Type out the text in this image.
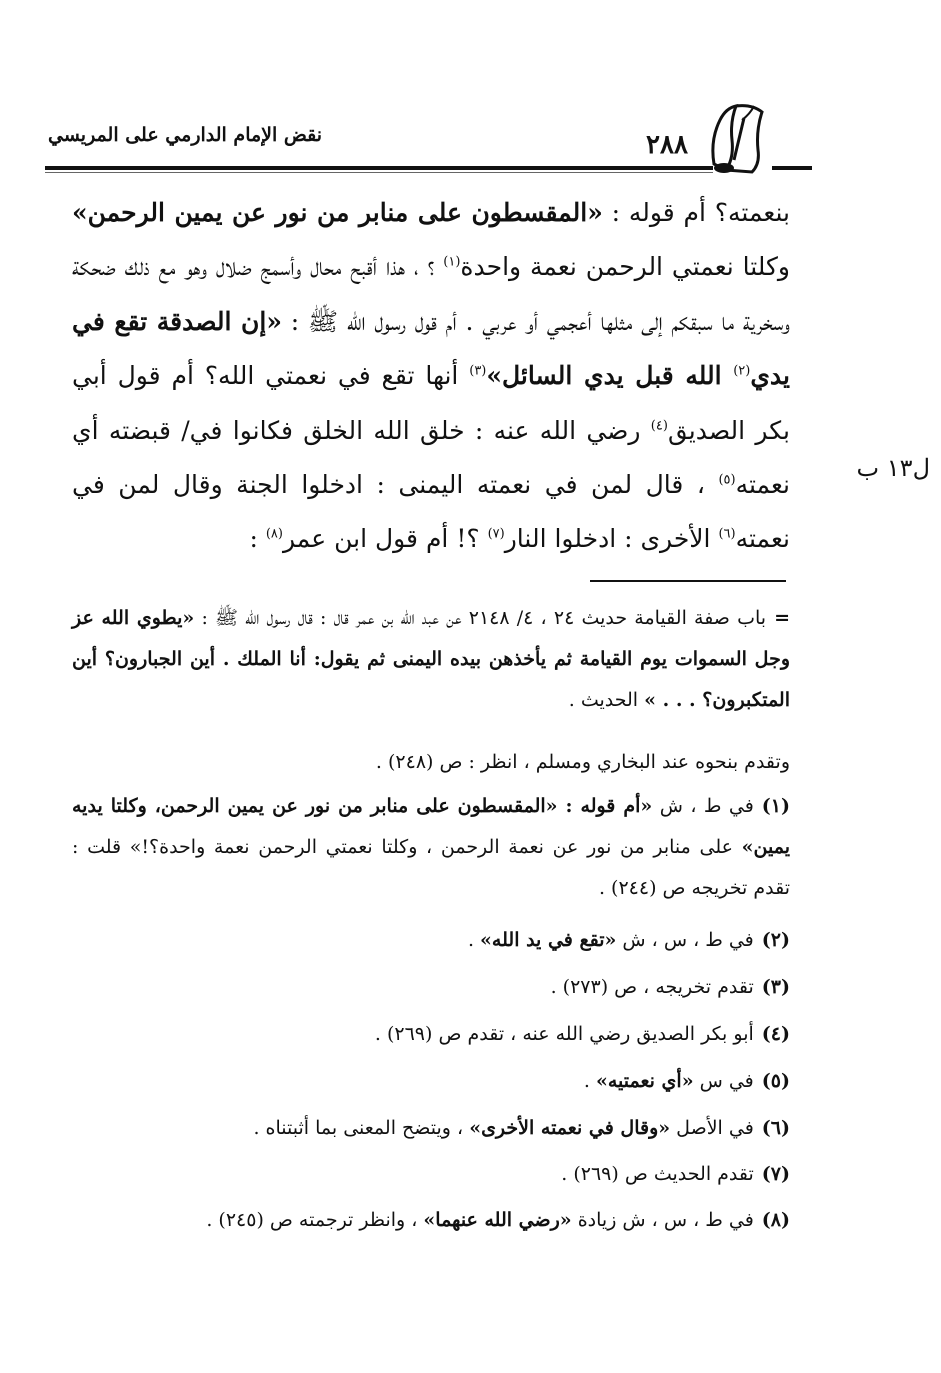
نقض الإمام الدارمي على المريسي	٢٨٨
بنعمته؟ أم قوله : «المقسطون على منابر من نور عن يمين الرحمن» وكلتا نعمتي الرحمن نعمة واحدة$^{(١)}$ ؟ ، هذا أقبح محال وأسمج ضلال وهو مع ذلك ضحكة وسخرية ما سبقكم إلى مثلها أعجمي أو عربي . أم قول رسول الله ﷺ : «إن الصدقة تقع في يدي$^{(٢)}$ الله قبل يدي السائل»$^{(٣)}$ أنها تقع في نعمتي الله؟ أم قول أبي بكر الصديق$^{(٤)}$ رضي الله عنه : خلق الله الخلق فكانوا في/ قبضته أي نعمته$^{(٥)}$ ، قال لمن في نعمته اليمنى : ادخلوا الجنة وقال لمن في نعمته$^{(٦)}$ الأخرى : ادخلوا النار$^{(٧)}$ ؟! أم قول ابن عمر$^{(٨)}$ :
ل١٣ ب
=باب صفة القيامة حديث ٢٤ ، ٤/ ٢١٤٨ عن عبد الله بن عمر قال : قال رسول الله ﷺ : «يطوي الله عز وجل السموات يوم القيامة ثم يأخذهن بيده اليمنى ثم يقول: أنا الملك . أين الجبارون؟ أين المتكبرون؟ . . . » الحديث .
وتقدم بنحوه عند البخاري ومسلم ، انظر : ص (٢٤٨) .
(١)في ط ، ش «أم قوله : «المقسطون على منابر من نور عن يمين الرحمن، وكلتا يديه يمين» على منابر من نور عن نعمة الرحمن ، وكلتا نعمتي الرحمن نعمة واحدة؟!» قلت : تقدم تخريجه ص (٢٤٤) .
(٢)في ط ، س ، ش «تقع في يد الله» .
(٣)تقدم تخريجه ، ص (٢٧٣) .
(٤)أبو بكر الصديق رضي الله عنه ، تقدم ص (٢٦٩) .
(٥)في س «أي نعمتيه» .
(٦)في الأصل «وقال في نعمته الأخرى» ، ويتضح المعنى بما أثبتناه .
(٧)تقدم الحديث ص (٢٦٩) .
(٨)في ط ، س ، ش زيادة «رضي الله عنهما» ، وانظر ترجمته ص (٢٤٥) .
